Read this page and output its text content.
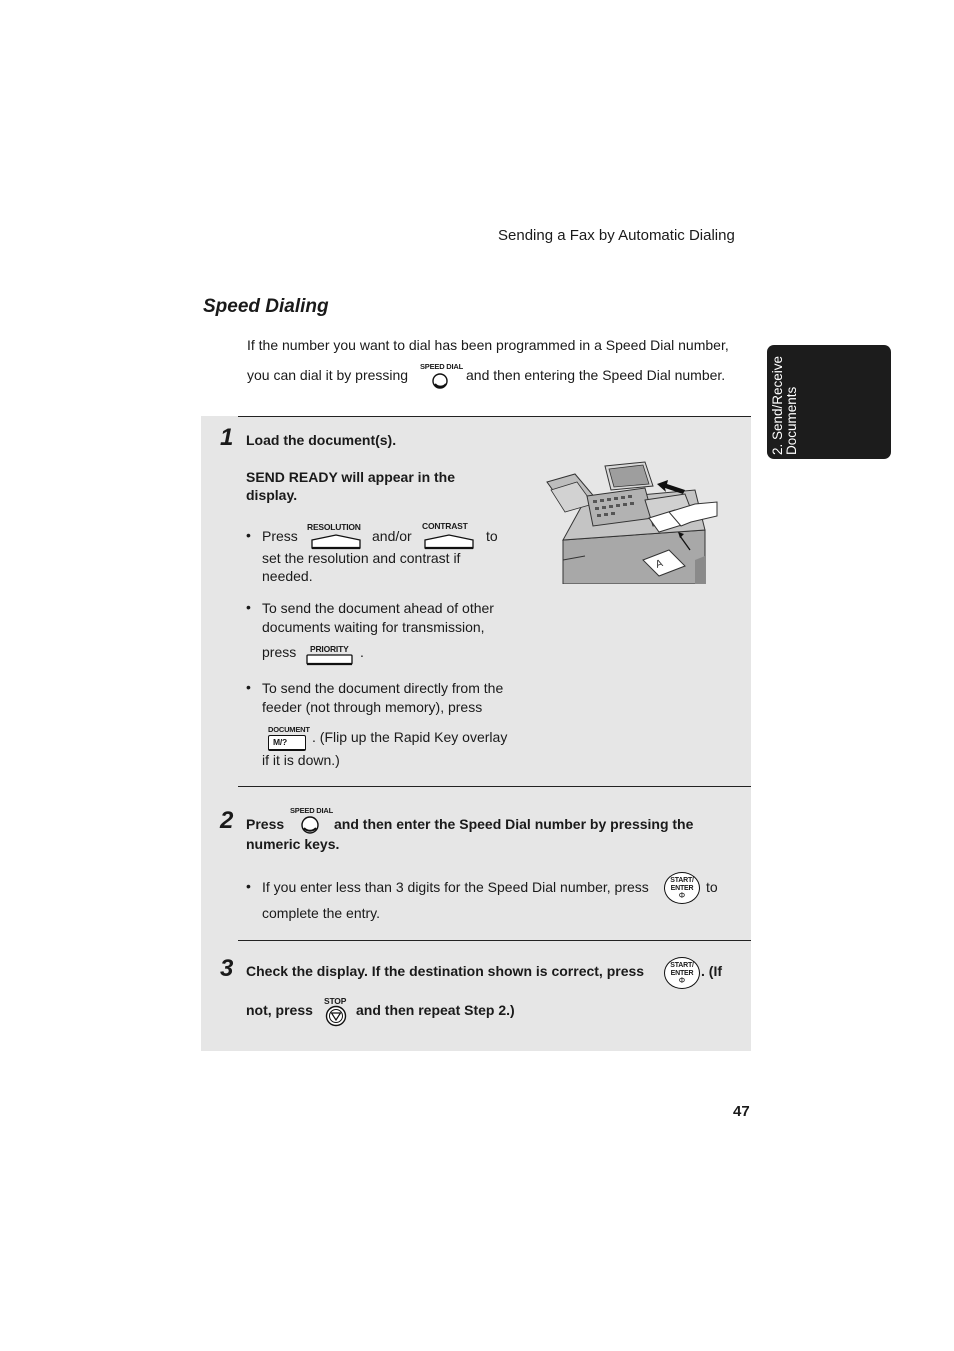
Sending a Fax by Automatic Dialing
2. Send/Receive Documents
Speed Dialing
If the number you want to dial has been programmed in a Speed Dial number,
you can dial it by pressing
SPEED DIAL
and then entering the Speed Dial number.
1 Load the document(s).
SEND READY will appear in the
display.
• Press
RESOLUTION
and/or
CONTRAST
to
set the resolution and contrast if
needed.
• To send the document ahead of other
documents waiting for transmission,
press PRIORITY .
• To send the document directly from the
feeder (not through memory), press
DOCUMENT
M/? . (Flip up the Rapid Key overlay
if it is down.)
A
2 Press
SPEED DIAL
and then enter the Speed Dial number by pressing the
numeric keys.
• If you enter less than 3 digits for the Speed Dial number, press	START/
ENTER
Φ
to
complete the entry.
3 Check the display. If the destination shown is correct, press	START/
ENTER
Φ
. (If
not, press
STOP
and then repeat Step 2.)
47
